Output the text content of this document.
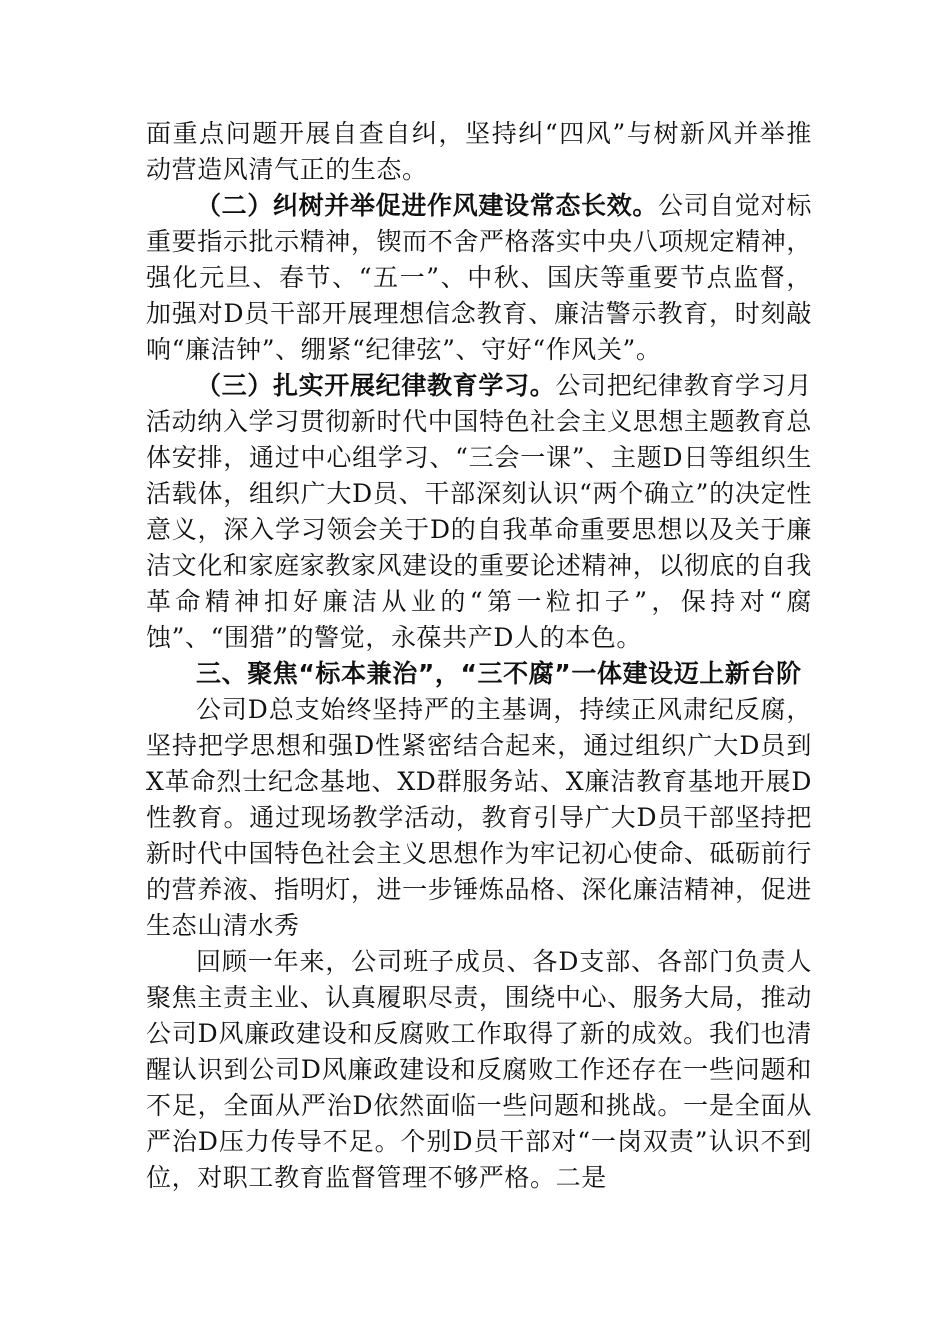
面重点问题开展自查自纠，坚持纠“四风”与树新风并举推动营造风清气正的生态。

（二）纠树并举促进作风建设常态长效。公司自觉对标重要指示批示精神，锲而不舍严格落实中央八项规定精神，强化元旦、春节、“五一”、中秋、国庆等重要节点监督，加强对D员干部开展理想信念教育、廉洁警示教育，时刻敲响“廉洁钟”、绷紧“纪律弦”、守好“作风关”。

（三）扎实开展纪律教育学习。公司把纪律教育学习月活动纳入学习贯彻新时代中国特色社会主义思想主题教育总体安排，通过中心组学习、“三会一课”、主题D日等组织生活载体，组织广大D员、干部深刻认识“两个确立”的决定性意义，深入学习领会关于D的自我革命重要思想以及关于廉洁文化和家庭家教家风建设的重要论述精神，以彻底的自我革命精神扣好廉洁从业的“第一粒扣子”，保持对“腐蚀”、“围猎”的警觉，永葆共产D人的本色。

三、聚焦“标本兼治”，“三不腐”一体建设迈上新台阶

公司D总支始终坚持严的主基调，持续正风肃纪反腐，坚持把学思想和强D性紧密结合起来，通过组织广大D员到X革命烈士纪念基地、XD群服务站、X廉洁教育基地开展D性教育。通过现场教学活动，教育引导广大D员干部坚持把新时代中国特色社会主义思想作为牢记初心使命、砥砺前行的营养液、指明灯，进一步锤炼品格、深化廉洁精神，促进生态山清水秀

回顾一年来，公司班子成员、各D支部、各部门负责人聚焦主责主业、认真履职尽责，围绕中心、服务大局，推动公司D风廉政建设和反腐败工作取得了新的成效。我们也清醒认识到公司D风廉政建设和反腐败工作还存在一些问题和不足，全面从严治D依然面临一些问题和挑战。一是全面从严治D压力传导不足。个别D员干部对“一岗双责”认识不到位，对职工教育监督管理不够严格。二是
